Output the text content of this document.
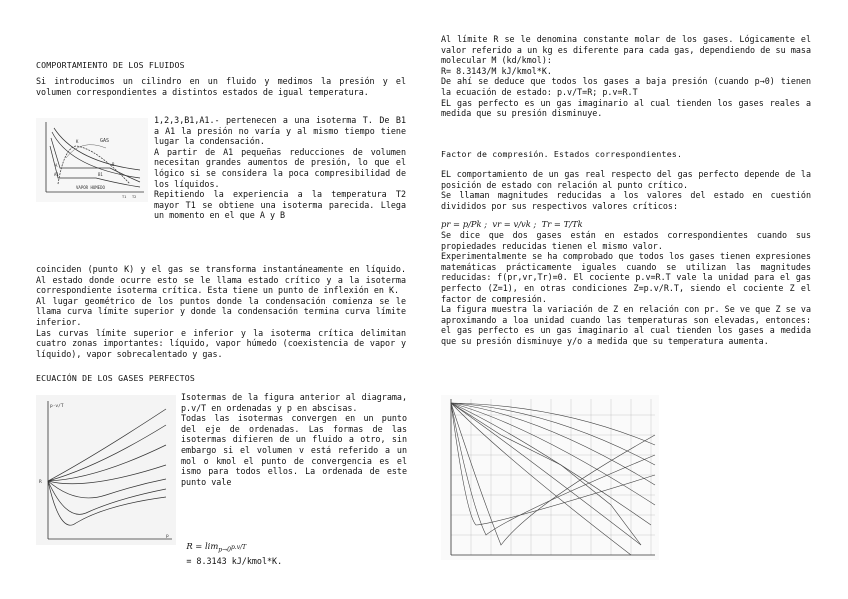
COMPORTAMIENTO DE LOS FLUIDOS

Si introducimos un cilindro en un fluido y medimos la presión y el volumen correspondientes a distintos estados de igual temperatura.

GAS
VAPOR HUMEDO
K
A	B
B1
A1
T2
T1

1,2,3,B1,A1.- pertenecen a una isoterma T. De B1 a A1 la presión no varía y al mismo tiempo tiene lugar la condensación.
A partir de A1 pequeñas reducciones de volumen necesitan grandes aumentos de presión, lo que el lógico si se considera la poca compresibilidad de los líquidos.
Repitiendo la experiencia a la temperatura T2 mayor T1 se obtiene una isoterma parecida. Llega un momento en el que A y B

coinciden (punto K) y el gas se transforma instantáneamente en líquido. Al estado donde ocurre esto se le llama estado crítico y a la isoterma correspondiente isoterma crítica. Esta tiene un punto de inflexión en K.
Al lugar geométrico de los puntos donde la condensación comienza se le llama curva límite superior y donde la condensación termina curva límite inferior.
Las curvas límite superior e inferior y la isoterma crítica delimitan cuatro zonas importantes: líquido, vapor húmedo (coexistencia de vapor y líquido), vapor sobrecalentado y gas.

ECUACIÓN DE LOS GASES PERFECTOS
p·v/T
R
p

Isotermas de la figura anterior al diagrama, p.v/T en ordenadas y p en abscisas.
Todas las isotermas convergen en un punto del eje de ordenadas. Las formas de las isotermas difieren de un fluido a otro, sin embargo si el volumen v está referido a un mol o kmol el punto de convergencia es el ismo para todos ellos. La ordenada de este punto vale

$R = \lim_{p\to 0}p.v/T$
= 8.3143 kJ/kmol*K.

Al límite R se le denomina constante molar de los gases. Lógicamente el valor referido a un kg es diferente para cada gas, dependiendo de su masa molecular M (kd/kmol):
R= 8.3143/M kJ/kmol*K.
De ahí se deduce que todos los gases a baja presión (cuando p→0) tienen la ecuación de estado: p.v/T=R; p.v=R.T
EL gas perfecto es un gas imaginario al cual tienden los gases reales a medida que su presión disminuye.

Factor de compresión. Estados correspondientes.

EL comportamiento de un gas real respecto del gas perfecto depende de la posición de estado con relación al punto crítico.
Se llaman magnitudes reducidas a los valores del estado en cuestión divididos por sus respectivos valores críticos:

pr = p/Pk ;  vr = v/vk ;  Tr = T/Tk

Se dice que dos gases están en estados correspondientes cuando sus propiedades reducidas tienen el mismo valor.
Experimentalmente se ha comprobado que todos los gases tienen expresiones matemáticas prácticamente iguales cuando se utilizan las magnitudes reducidas: f(pr,vr,Tr)=0. El cociente p.v=R.T vale la unidad para el gas perfecto (Z=1), en otras condiciones Z=p.v/R.T, siendo el cociente Z el factor de compresión.
La figura muestra la variación de Z en relación con pr. Se ve que Z se va aproximando a loa unidad cuando las temperaturas son elevadas, entonces: el gas perfecto es un gas imaginario al cual tienden los gases a medida que su presión disminuye y/o a medida que su temperatura aumenta.
